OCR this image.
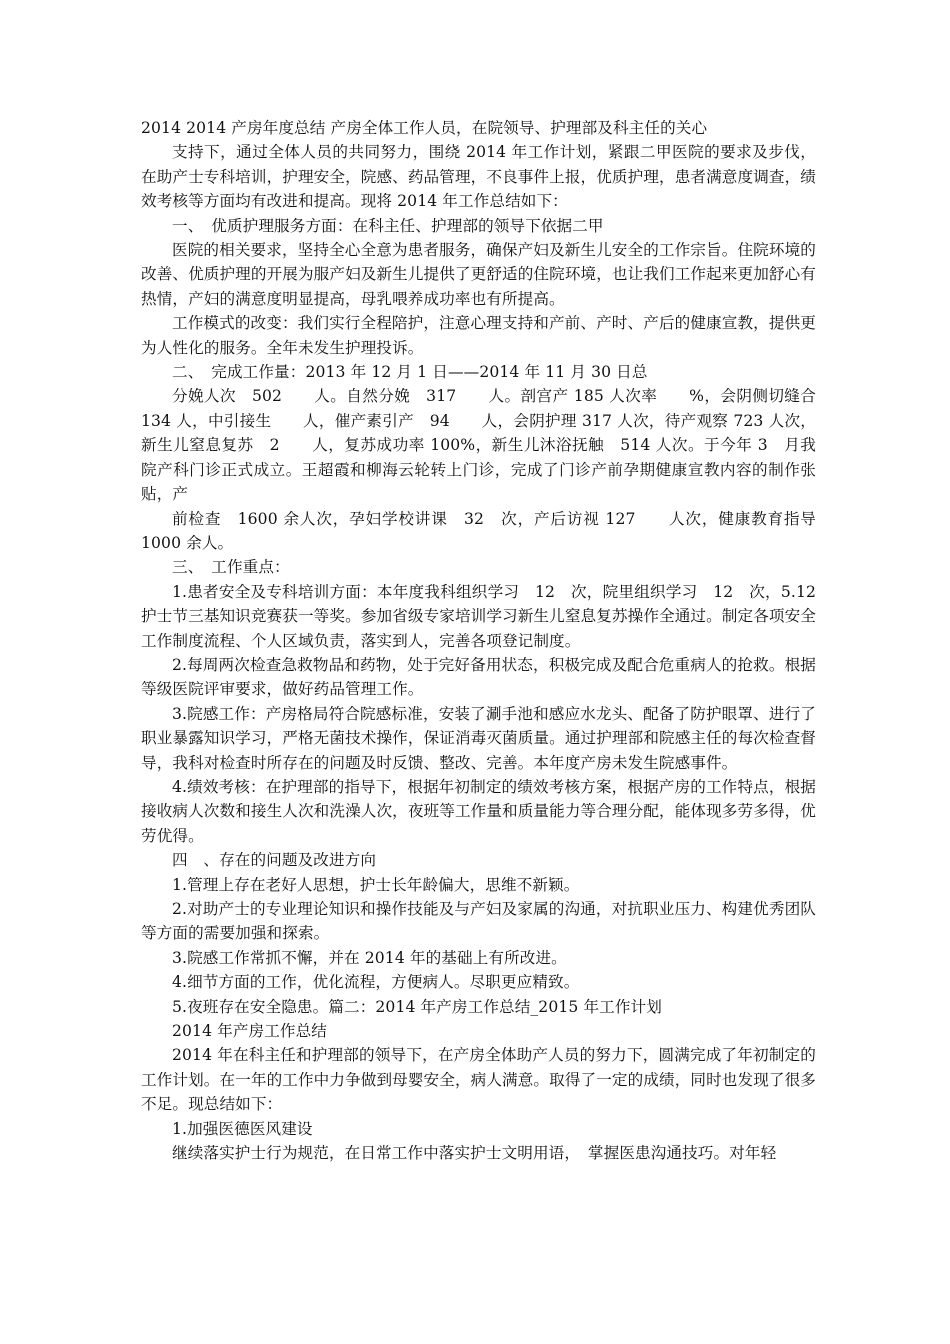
2014 2014 产房年度总结 产房全体工作人员，在院领导、护理部及科主任的关心

支持下，通过全体人员的共同努力，围绕 2014 年工作计划，紧跟二甲医院的要求及步伐，在助产士专科培训，护理安全，院感、药品管理，不良事件上报，优质护理，患者满意度调查，绩效考核等方面均有改进和提高。现将 2014 年工作总结如下：

一、　优质护理服务方面：在科主任、护理部的领导下依据二甲

医院的相关要求，坚持全心全意为患者服务，确保产妇及新生儿安全的工作宗旨。住院环境的改善、优质护理的开展为服产妇及新生儿提供了更舒适的住院环境，也让我们工作起来更加舒心有热情，产妇的满意度明显提高，母乳喂养成功率也有所提高。

工作模式的改变：我们实行全程陪护，注意心理支持和产前、产时、产后的健康宣教，提供更为人性化的服务。全年未发生护理投诉。

二、　完成工作量：2013 年 12 月 1 日——2014 年 11 月 30 日总

分娩人次　502　　人。自然分娩　317　　人。剖宫产 185 人次率　　%，会阴侧切缝合　134 人，中引接生　　人，催产素引产　94　　人，会阴护理 317 人次，待产观察 723 人次，新生儿窒息复苏　2　　人，复苏成功率 100%，新生儿沐浴抚触　514 人次。于今年 3　月我院产科门诊正式成立。王超霞和柳海云轮转上门诊，完成了门诊产前孕期健康宣教内容的制作张贴，产

前检查　1600 余人次，孕妇学校讲课　32　次，产后访视 127　　人次，健康教育指导 1000 余人。

三、　工作重点：

1.患者安全及专科培训方面：本年度我科组织学习　12　次，院里组织学习　12　次，5.12 护士节三基知识竞赛获一等奖。参加省级专家培训学习新生儿窒息复苏操作全通过。制定各项安全工作制度流程、个人区域负责，落实到人，完善各项登记制度。

2.每周两次检查急救物品和药物，处于完好备用状态，积极完成及配合危重病人的抢救。根据等级医院评审要求，做好药品管理工作。

3.院感工作：产房格局符合院感标准，安装了涮手池和感应水龙头、配备了防护眼罩、进行了职业暴露知识学习，严格无菌技术操作，保证消毒灭菌质量。通过护理部和院感主任的每次检查督导，我科对检查时所存在的问题及时反馈、整改、完善。本年度产房未发生院感事件。

4.绩效考核：在护理部的指导下，根据年初制定的绩效考核方案，根据产房的工作特点，根据接收病人次数和接生人次和洗澡人次，夜班等工作量和质量能力等合理分配，能体现多劳多得，优劳优得。

四　、存在的问题及改进方向

1.管理上存在老好人思想，护士长年龄偏大，思维不新颖。

2.对助产士的专业理论知识和操作技能及与产妇及家属的沟通，对抗职业压力、构建优秀团队等方面的需要加强和探索。

3.院感工作常抓不懈，并在 2014 年的基础上有所改进。

4.细节方面的工作，优化流程，方便病人。尽职更应精致。

5.夜班存在安全隐患。篇二：2014 年产房工作总结_2015 年工作计划

2014 年产房工作总结

2014 年在科主任和护理部的领导下，在产房全体助产人员的努力下，圆满完成了年初制定的工作计划。在一年的工作中力争做到母婴安全，病人满意。取得了一定的成绩，同时也发现了很多不足。现总结如下：

1.加强医德医风建设

继续落实护士行为规范，在日常工作中落实护士文明用语，　掌握医患沟通技巧。对年轻
